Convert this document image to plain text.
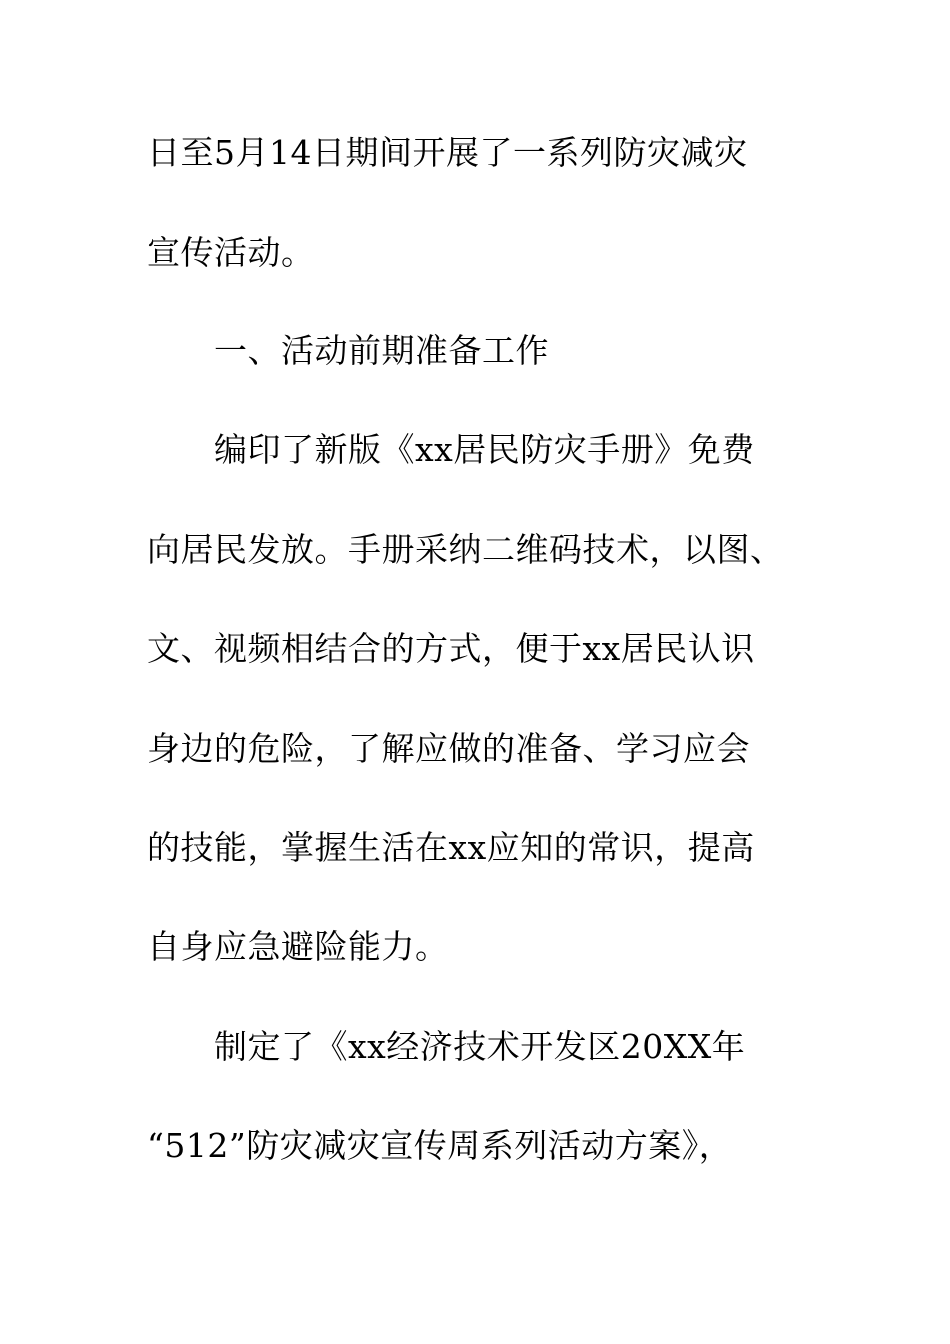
日至5月14日期间开展了一系列防灾减灾
宣传活动。
一、活动前期准备工作
编印了新版《xx居民防灾手册》免费
向居民发放。手册采纳二维码技术，以图、
文、视频相结合的方式，便于xx居民认识
身边的危险，了解应做的准备、学习应会
的技能，掌握生活在xx应知的常识，提高
自身应急避险能力。
制定了《xx经济技术开发区20XX年
“512”防灾减灾宣传周系列活动方案》，
